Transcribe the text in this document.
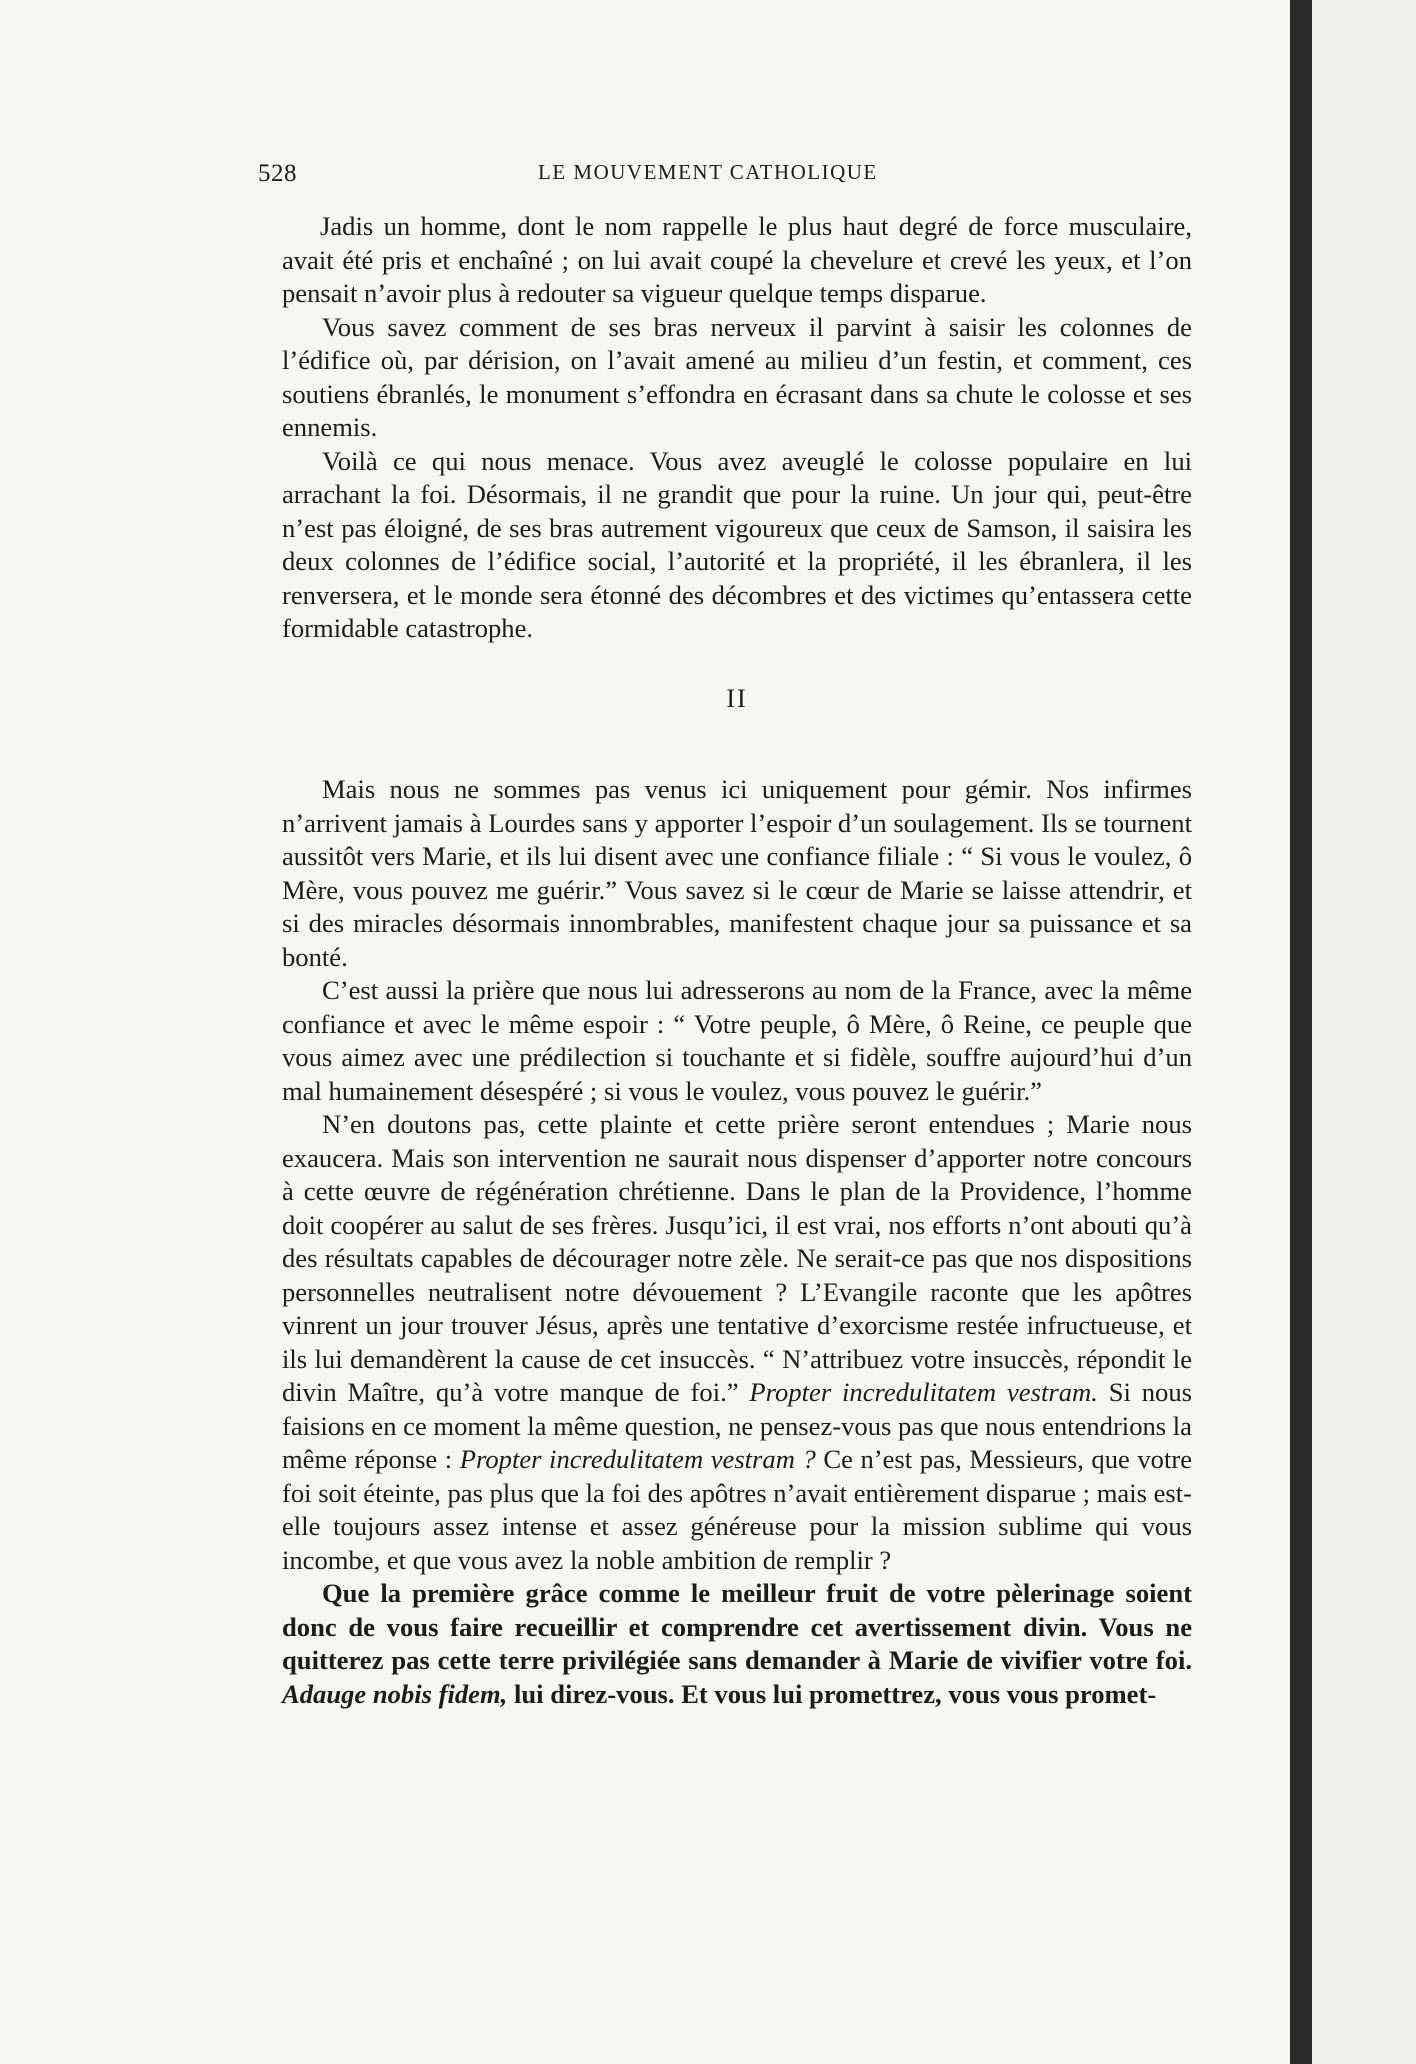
528	LE MOUVEMENT CATHOLIQUE

Jadis un homme, dont le nom rappelle le plus haut degré de force musculaire, avait été pris et enchaîné ; on lui avait coupé la chevelure et crevé les yeux, et l’on pensait n’avoir plus à redouter sa vigueur quelque temps disparue.

Vous savez comment de ses bras nerveux il parvint à saisir les colonnes de l’édifice où, par dérision, on l’avait amené au milieu d’un festin, et comment, ces soutiens ébranlés, le monument s’effondra en écrasant dans sa chute le colosse et ses ennemis.

Voilà ce qui nous menace. Vous avez aveuglé le colosse populaire en lui arrachant la foi. Désormais, il ne grandit que pour la ruine. Un jour qui, peut-être n’est pas éloigné, de ses bras autrement vigoureux que ceux de Samson, il saisira les deux colonnes de l’édifice social, l’autorité et la propriété, il les ébranlera, il les renversera, et le monde sera étonné des décombres et des victimes qu’entassera cette formidable catastrophe.

II

Mais nous ne sommes pas venus ici uniquement pour gémir. Nos infirmes n’arrivent jamais à Lourdes sans y apporter l’espoir d’un soulagement. Ils se tournent aussitôt vers Marie, et ils lui disent avec une confiance filiale : “ Si vous le voulez, ô Mère, vous pouvez me guérir.” Vous savez si le cœur de Marie se laisse attendrir, et si des miracles désormais innombrables, manifestent chaque jour sa puissance et sa bonté.

C’est aussi la prière que nous lui adresserons au nom de la France, avec la même confiance et avec le même espoir : “ Votre peuple, ô Mère, ô Reine, ce peuple que vous aimez avec une prédilection si touchante et si fidèle, souffre aujourd’hui d’un mal humainement désespéré ; si vous le voulez, vous pouvez le guérir.”

N’en doutons pas, cette plainte et cette prière seront entendues ; Marie nous exaucera. Mais son intervention ne saurait nous dispenser d’apporter notre concours à cette œuvre de régénération chrétienne. Dans le plan de la Providence, l’homme doit coopérer au salut de ses frères. Jusqu’ici, il est vrai, nos efforts n’ont abouti qu’à des résultats capables de décourager notre zèle. Ne serait-ce pas que nos dispositions personnelles neutralisent notre dévouement ? L’Evangile raconte que les apôtres vinrent un jour trouver Jésus, après une tentative d’exorcisme restée infructueuse, et ils lui demandèrent la cause de cet insuccès. “ N’attribuez votre insuccès, répondit le divin Maître, qu’à votre manque de foi.” Propter incredulitatem vestram. Si nous faisions en ce moment la même question, ne pensez-vous pas que nous entendrions la même réponse : Propter incredulitatem vestram ? Ce n’est pas, Messieurs, que votre foi soit éteinte, pas plus que la foi des apôtres n’avait entièrement disparue ; mais est-elle toujours assez intense et assez généreuse pour la mission sublime qui vous incombe, et que vous avez la noble ambition de remplir ?

Que la première grâce comme le meilleur fruit de votre pèlerinage soient donc de vous faire recueillir et comprendre cet avertissement divin. Vous ne quitterez pas cette terre privilégiée sans demander à Marie de vivifier votre foi. Adauge nobis fidem, lui direz-vous. Et vous lui promettrez, vous vous promet-
